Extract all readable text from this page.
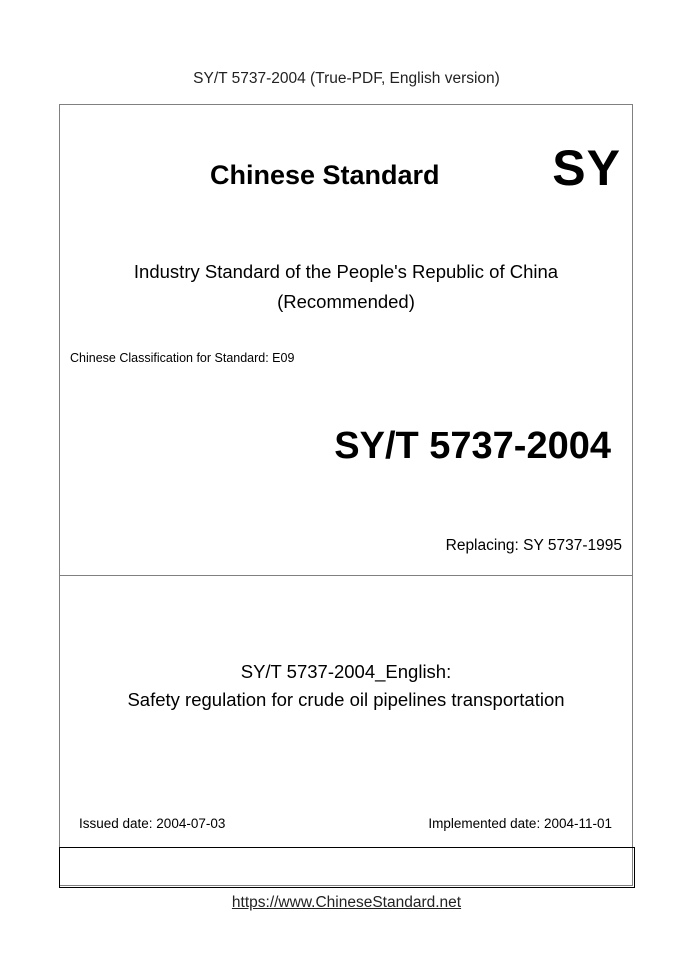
SY/T 5737-2004 (True-PDF, English version)
Chinese Standard SY
Industry Standard of the People's Republic of China
(Recommended)
Chinese Classification for Standard: E09
SY/T 5737-2004
Replacing: SY 5737-1995
SY/T 5737-2004_English:
Safety regulation for crude oil pipelines transportation
Issued date: 2004-07-03	Implemented date: 2004-11-01
https://www.ChineseStandard.net
